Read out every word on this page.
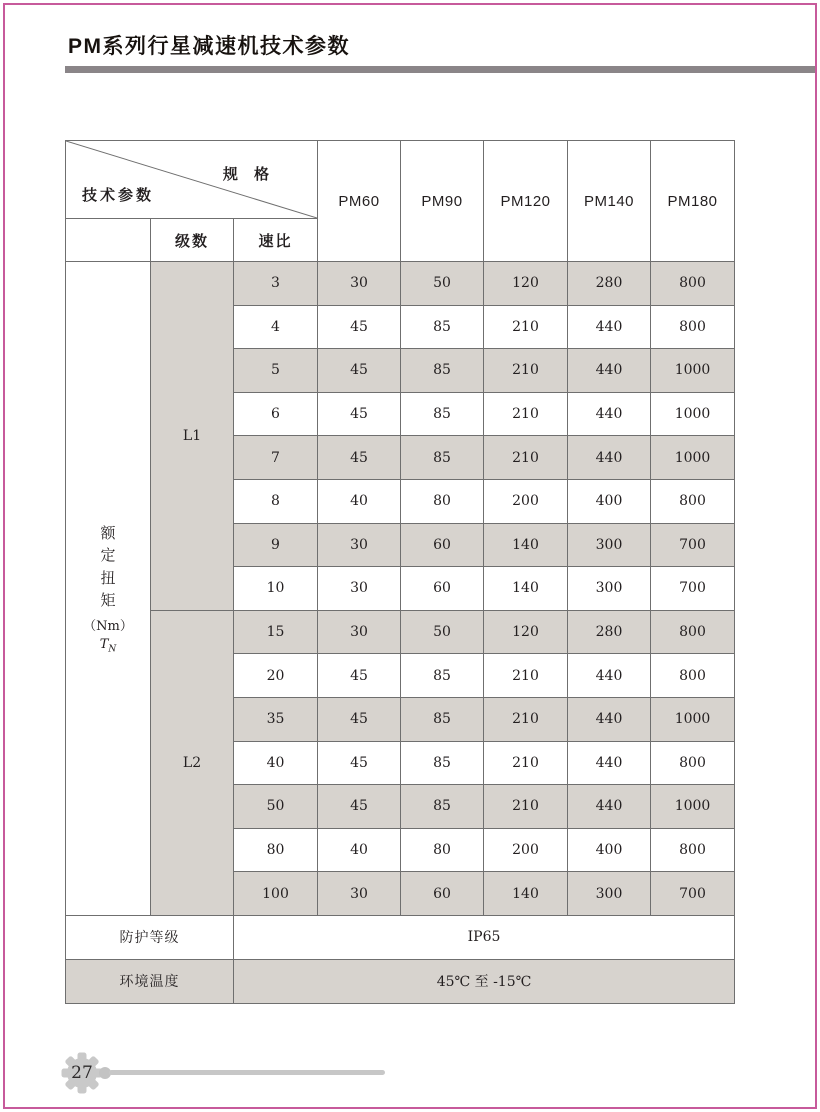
PM系列行星减速机技术参数
规 格
技术参数			PM60	PM90	PM120	PM140	PM180
	级数	速比					

额定扭矩
（Nm）
$T_N$	L1	3	30	50	120	280	800
		4	45	85	210	440	800
		5	45	85	210	440	1000
		6	45	85	210	440	1000
		7	45	85	210	440	1000
		8	40	80	200	400	800
		9	30	60	140	300	700
		10	30	60	140	300	700
	L2	15	30	50	120	280	800
		20	45	85	210	440	800
		35	45	85	210	440	1000
		40	45	85	210	440	800
		50	45	85	210	440	1000
		80	40	80	200	400	800
		100	30	60	140	300	700
防护等级		IP65					
环境温度		45℃ 至 -15℃					
27
